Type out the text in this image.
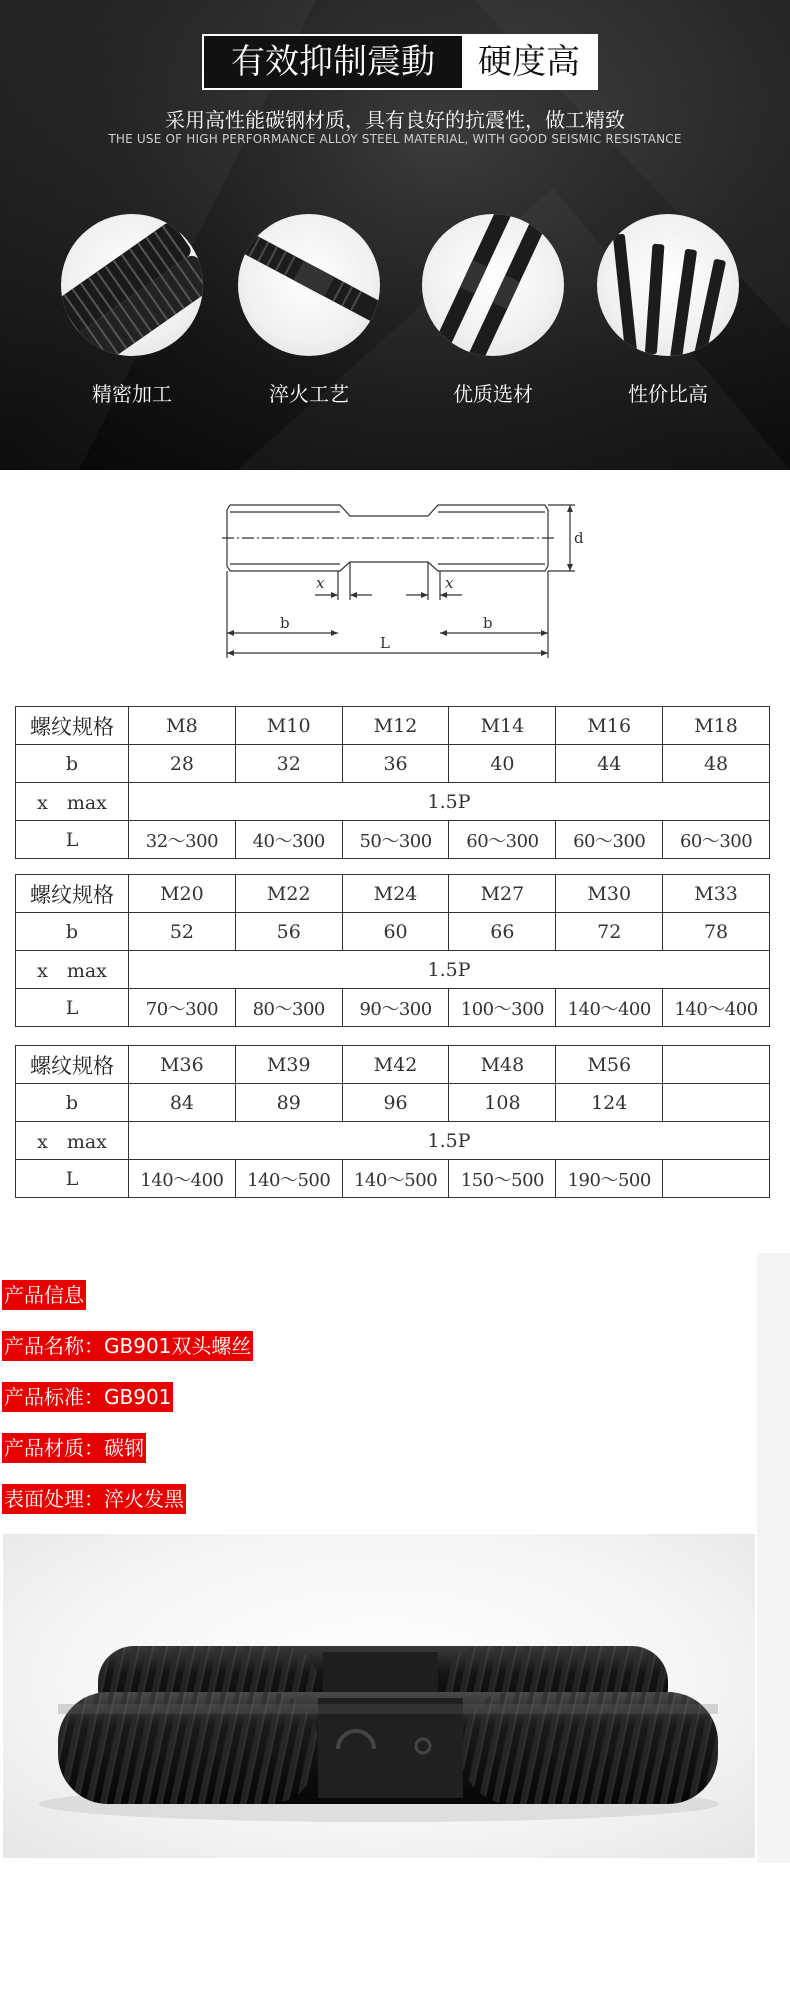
有效抑制震動	硬度高
采用高性能碳钢材质，具有良好的抗震性，做工精致
THE USE OF HIGH PERFORMANCE ALLOY STEEL MATERIAL, WITH GOOD SEISMIC RESISTANCE
精密加工	淬火工艺	优质选材	性价比高
d
x	x
b	b
L
螺纹规格	M8	M10	M12	M14	M16	M18
b	28	32	36	40	44	48
x　max	1.5P					
L	32～300	40～300	50～300	60～300	60～300	60～300
螺纹规格	M20	M22	M24	M27	M30	M33
b	52	56	60	66	72	78
x　max	1.5P					
L	70～300	80～300	90～300	100～300	140～400	140～400
螺纹规格	M36	M39	M42	M48	M56	
b	84	89	96	108	124	
x　max	1.5P					
L	140～400	140～500	140～500	150～500	190～500	
产品信息
产品名称：GB901双头螺丝
产品标准：GB901
产品材质：碳钢
表面处理：淬火发黑
